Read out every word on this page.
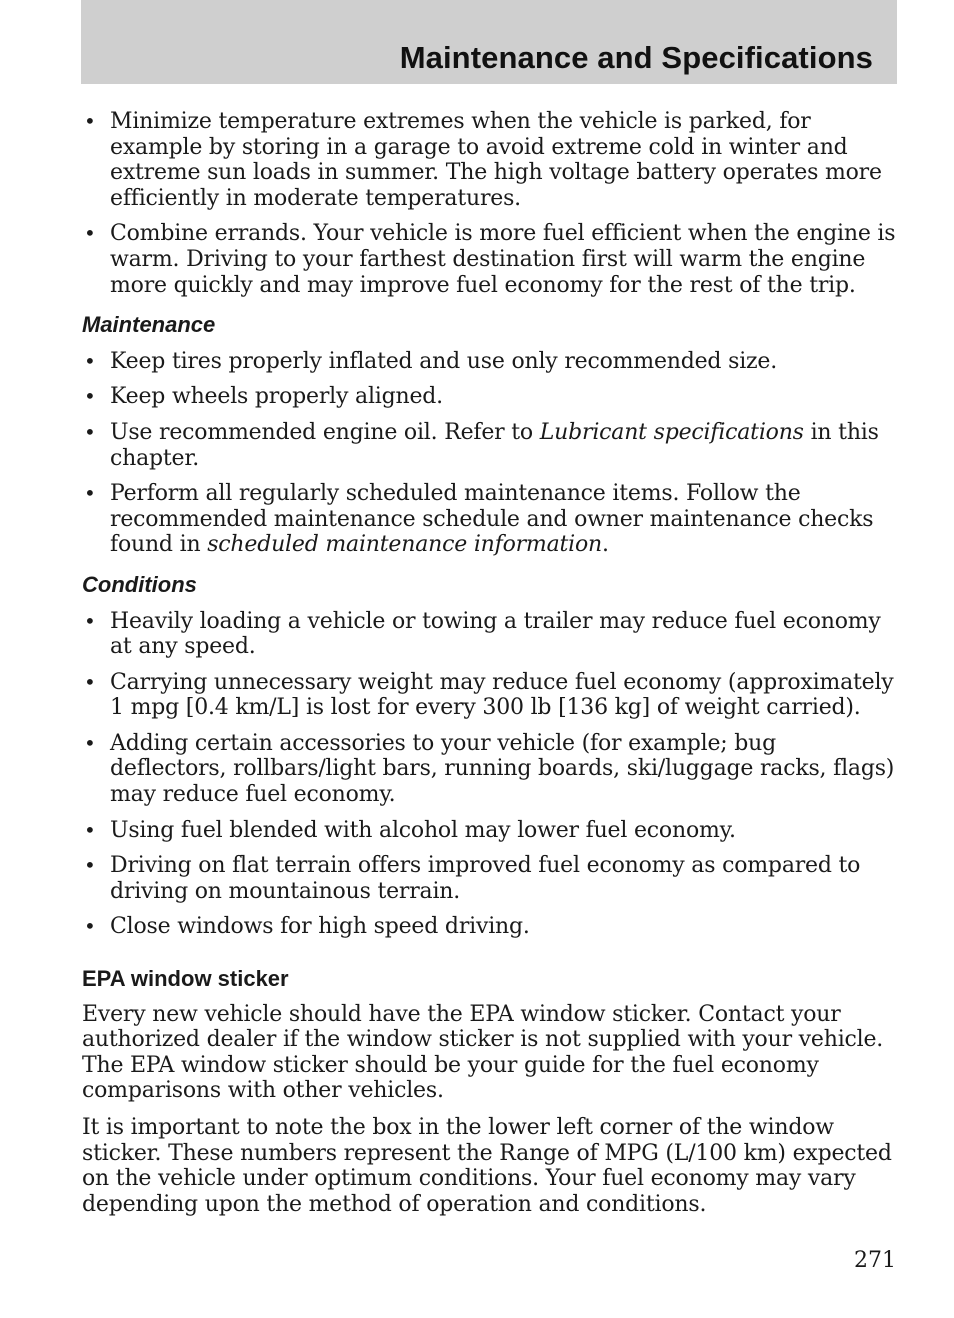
Maintenance and Specifications
• Minimize temperature extremes when the vehicle is parked, for example by storing in a garage to avoid extreme cold in winter and extreme sun loads in summer. The high voltage battery operates more efficiently in moderate temperatures.
• Combine errands. Your vehicle is more fuel efficient when the engine is warm. Driving to your farthest destination first will warm the engine more quickly and may improve fuel economy for the rest of the trip.
Maintenance
• Keep tires properly inflated and use only recommended size.
• Keep wheels properly aligned.
• Use recommended engine oil. Refer to Lubricant specifications in this chapter.
• Perform all regularly scheduled maintenance items. Follow the recommended maintenance schedule and owner maintenance checks found in scheduled maintenance information.
Conditions
• Heavily loading a vehicle or towing a trailer may reduce fuel economy at any speed.
• Carrying unnecessary weight may reduce fuel economy (approximately 1 mpg [0.4 km/L] is lost for every 300 lb [136 kg] of weight carried).
• Adding certain accessories to your vehicle (for example; bug deflectors, rollbars/light bars, running boards, ski/luggage racks, flags) may reduce fuel economy.
• Using fuel blended with alcohol may lower fuel economy.
• Driving on flat terrain offers improved fuel economy as compared to driving on mountainous terrain.
• Close windows for high speed driving.
EPA window sticker

Every new vehicle should have the EPA window sticker. Contact your authorized dealer if the window sticker is not supplied with your vehicle. The EPA window sticker should be your guide for the fuel economy comparisons with other vehicles.

It is important to note the box in the lower left corner of the window sticker. These numbers represent the Range of MPG (L/100 km) expected on the vehicle under optimum conditions. Your fuel economy may vary depending upon the method of operation and conditions.

271
